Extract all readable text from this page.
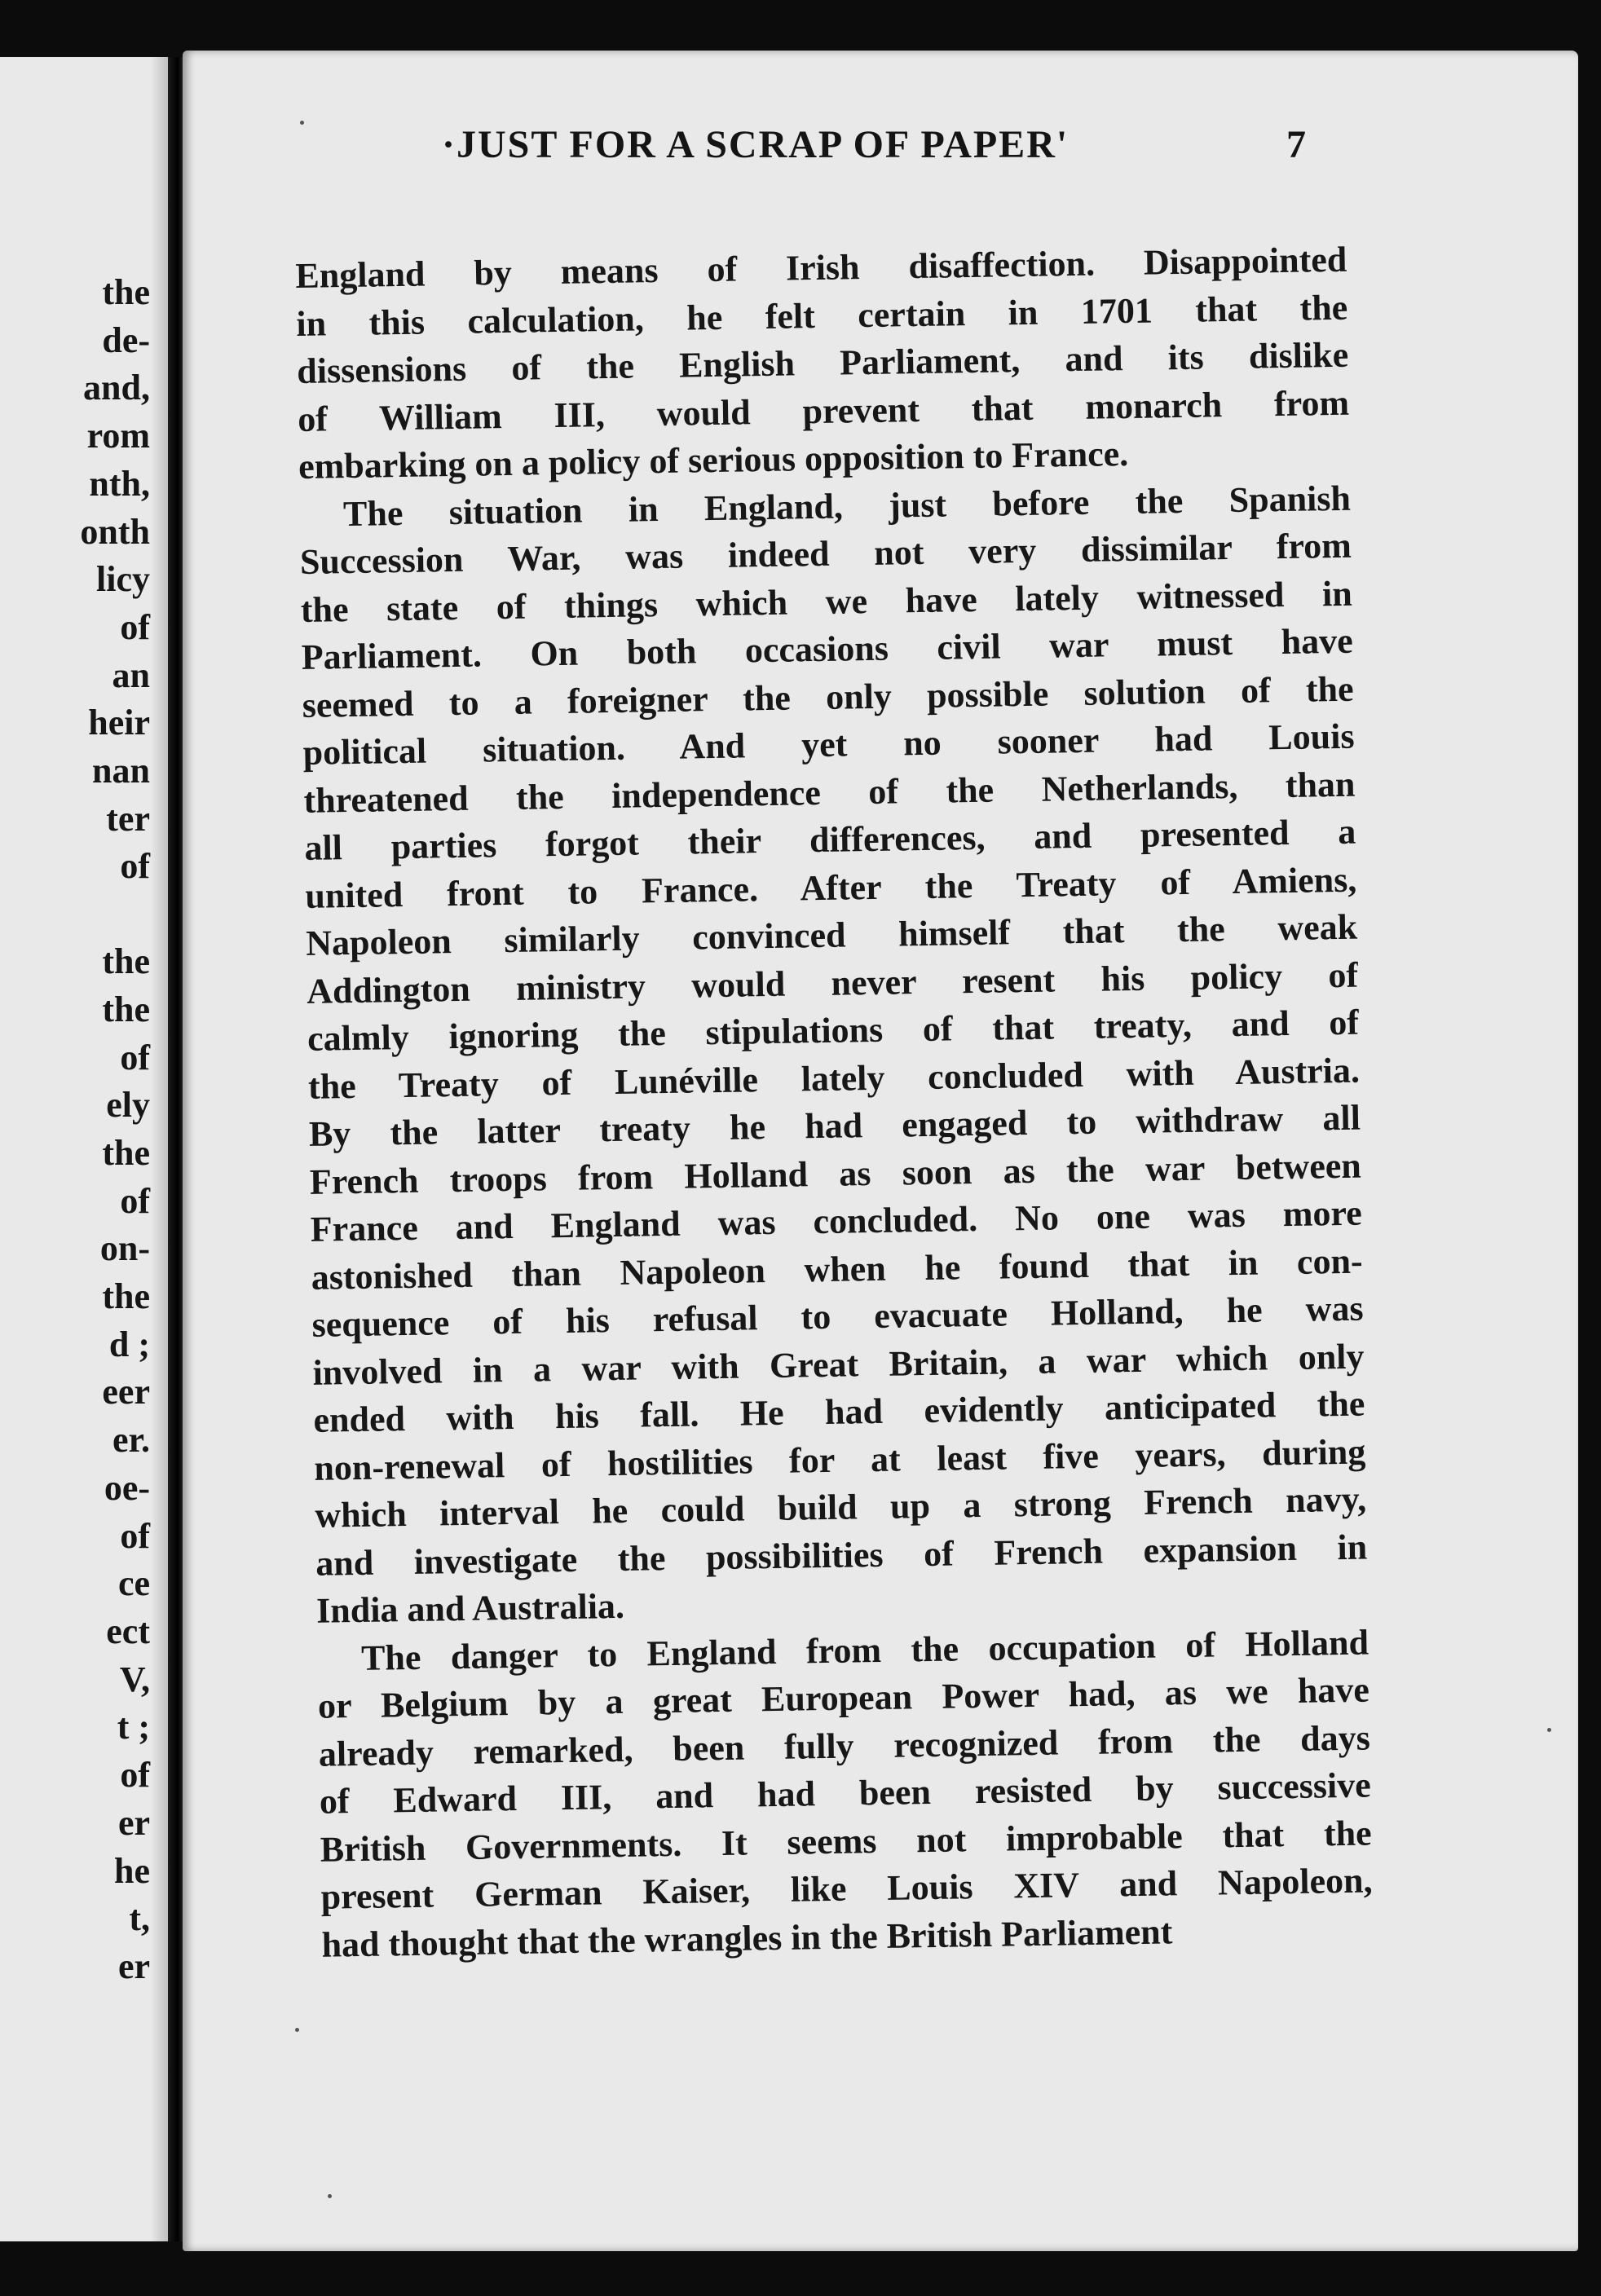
the
de-
and,
rom
nth,
onth
licy
of
an
heir
nan
ter
of
the
the
of
ely
the
of
on-
the
d ;
eer
er.
oe-
of
ce
ect
V,
t ;
of
er
he
t,
er
·JUST FOR A SCRAP OF PAPER'	7
England by means of Irish disaffection. Disappointed
in this calculation, he felt certain in 1701 that the
dissensions of the English Parliament, and its dislike
of William III, would prevent that monarch from
embarking on a policy of serious opposition to France.
The situation in England, just before the Spanish
Succession War, was indeed not very dissimilar from
the state of things which we have lately witnessed in
Parliament. On both occasions civil war must have
seemed to a foreigner the only possible solution of the
political situation. And yet no sooner had Louis
threatened the independence of the Netherlands, than
all parties forgot their differences, and presented a
united front to France. After the Treaty of Amiens,
Napoleon similarly convinced himself that the weak
Addington ministry would never resent his policy of
calmly ignoring the stipulations of that treaty, and of
the Treaty of Lunéville lately concluded with Austria.
By the latter treaty he had engaged to withdraw all
French troops from Holland as soon as the war between
France and England was concluded. No one was more
astonished than Napoleon when he found that in con-
sequence of his refusal to evacuate Holland, he was
involved in a war with Great Britain, a war which only
ended with his fall. He had evidently anticipated the
non-renewal of hostilities for at least five years, during
which interval he could build up a strong French navy,
and investigate the possibilities of French expansion in
India and Australia.
The danger to England from the occupation of Holland
or Belgium by a great European Power had, as we have
already remarked, been fully recognized from the days
of Edward III, and had been resisted by successive
British Governments. It seems not improbable that the
present German Kaiser, like Louis XIV and Napoleon,
had thought that the wrangles in the British Parliament
